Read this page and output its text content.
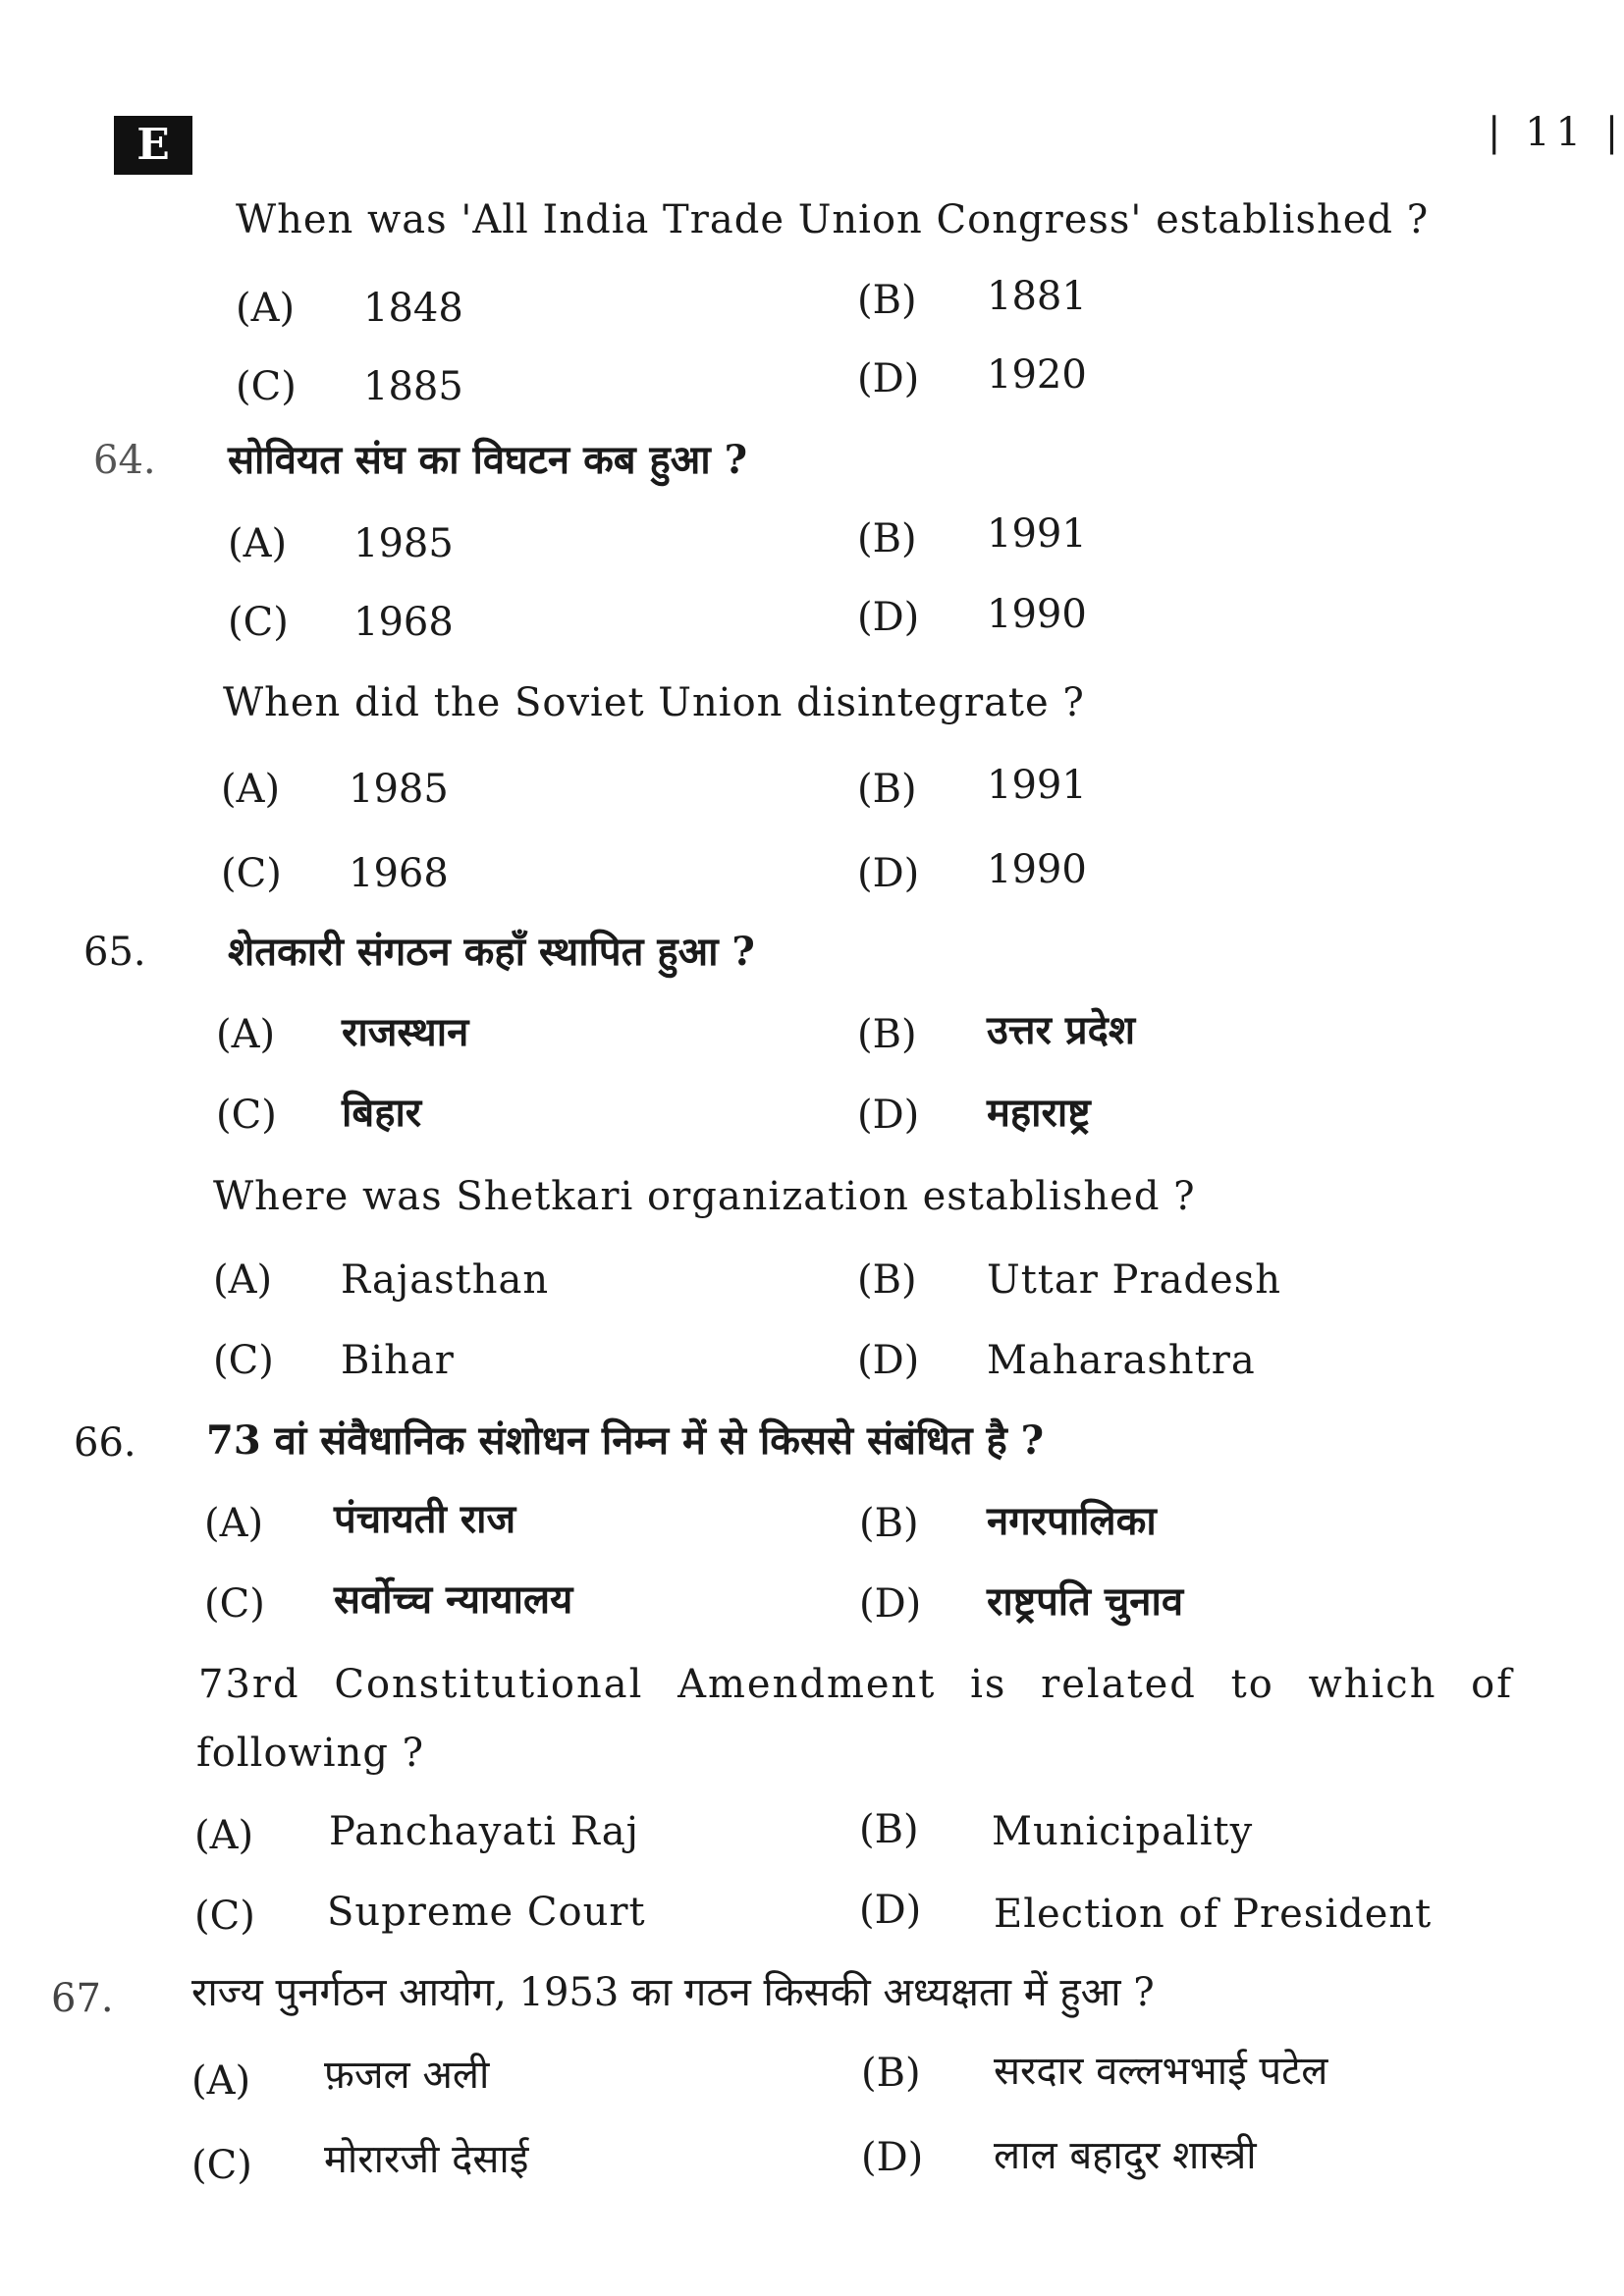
E	| 11 |
When was 'All India Trade Union Congress' established ?
(A) 1848	(B) 1881
(C) 1885	(D) 1920
64. सोवियत संघ का विघटन कब हुआ ?
(A) 1985	(B) 1991
(C) 1968	(D) 1990
When did the Soviet Union disintegrate ?
(A) 1985	(B) 1991
(C) 1968	(D) 1990
65. शेतकारी संगठन कहाँ स्थापित हुआ ?
(A) राजस्थान	(B) उत्तर प्रदेश
(C) बिहार	(D) महाराष्ट्र
Where was Shetkari organization established ?
(A) Rajasthan	(B) Uttar Pradesh
(C) Bihar	(D) Maharashtra
66. 73 वां संवैधानिक संशोधन निम्न में से किससे संबंधित है ?
(A) पंचायती राज	(B) नगरपालिका
(C) सर्वोच्च न्यायालय	(D) राष्ट्रपति चुनाव
73rd Constitutional Amendment is related to which of
following ?
(A) Panchayati Raj	(B) Municipality
(C) Supreme Court	(D) Election of President
67. राज्य पुनर्गठन आयोग, 1953 का गठन किसकी अध्यक्षता में हुआ ?
(A) फ़जल अली	(B) सरदार वल्लभभाई पटेल
(C) मोरारजी देसाई	(D) लाल बहादुर शास्त्री
